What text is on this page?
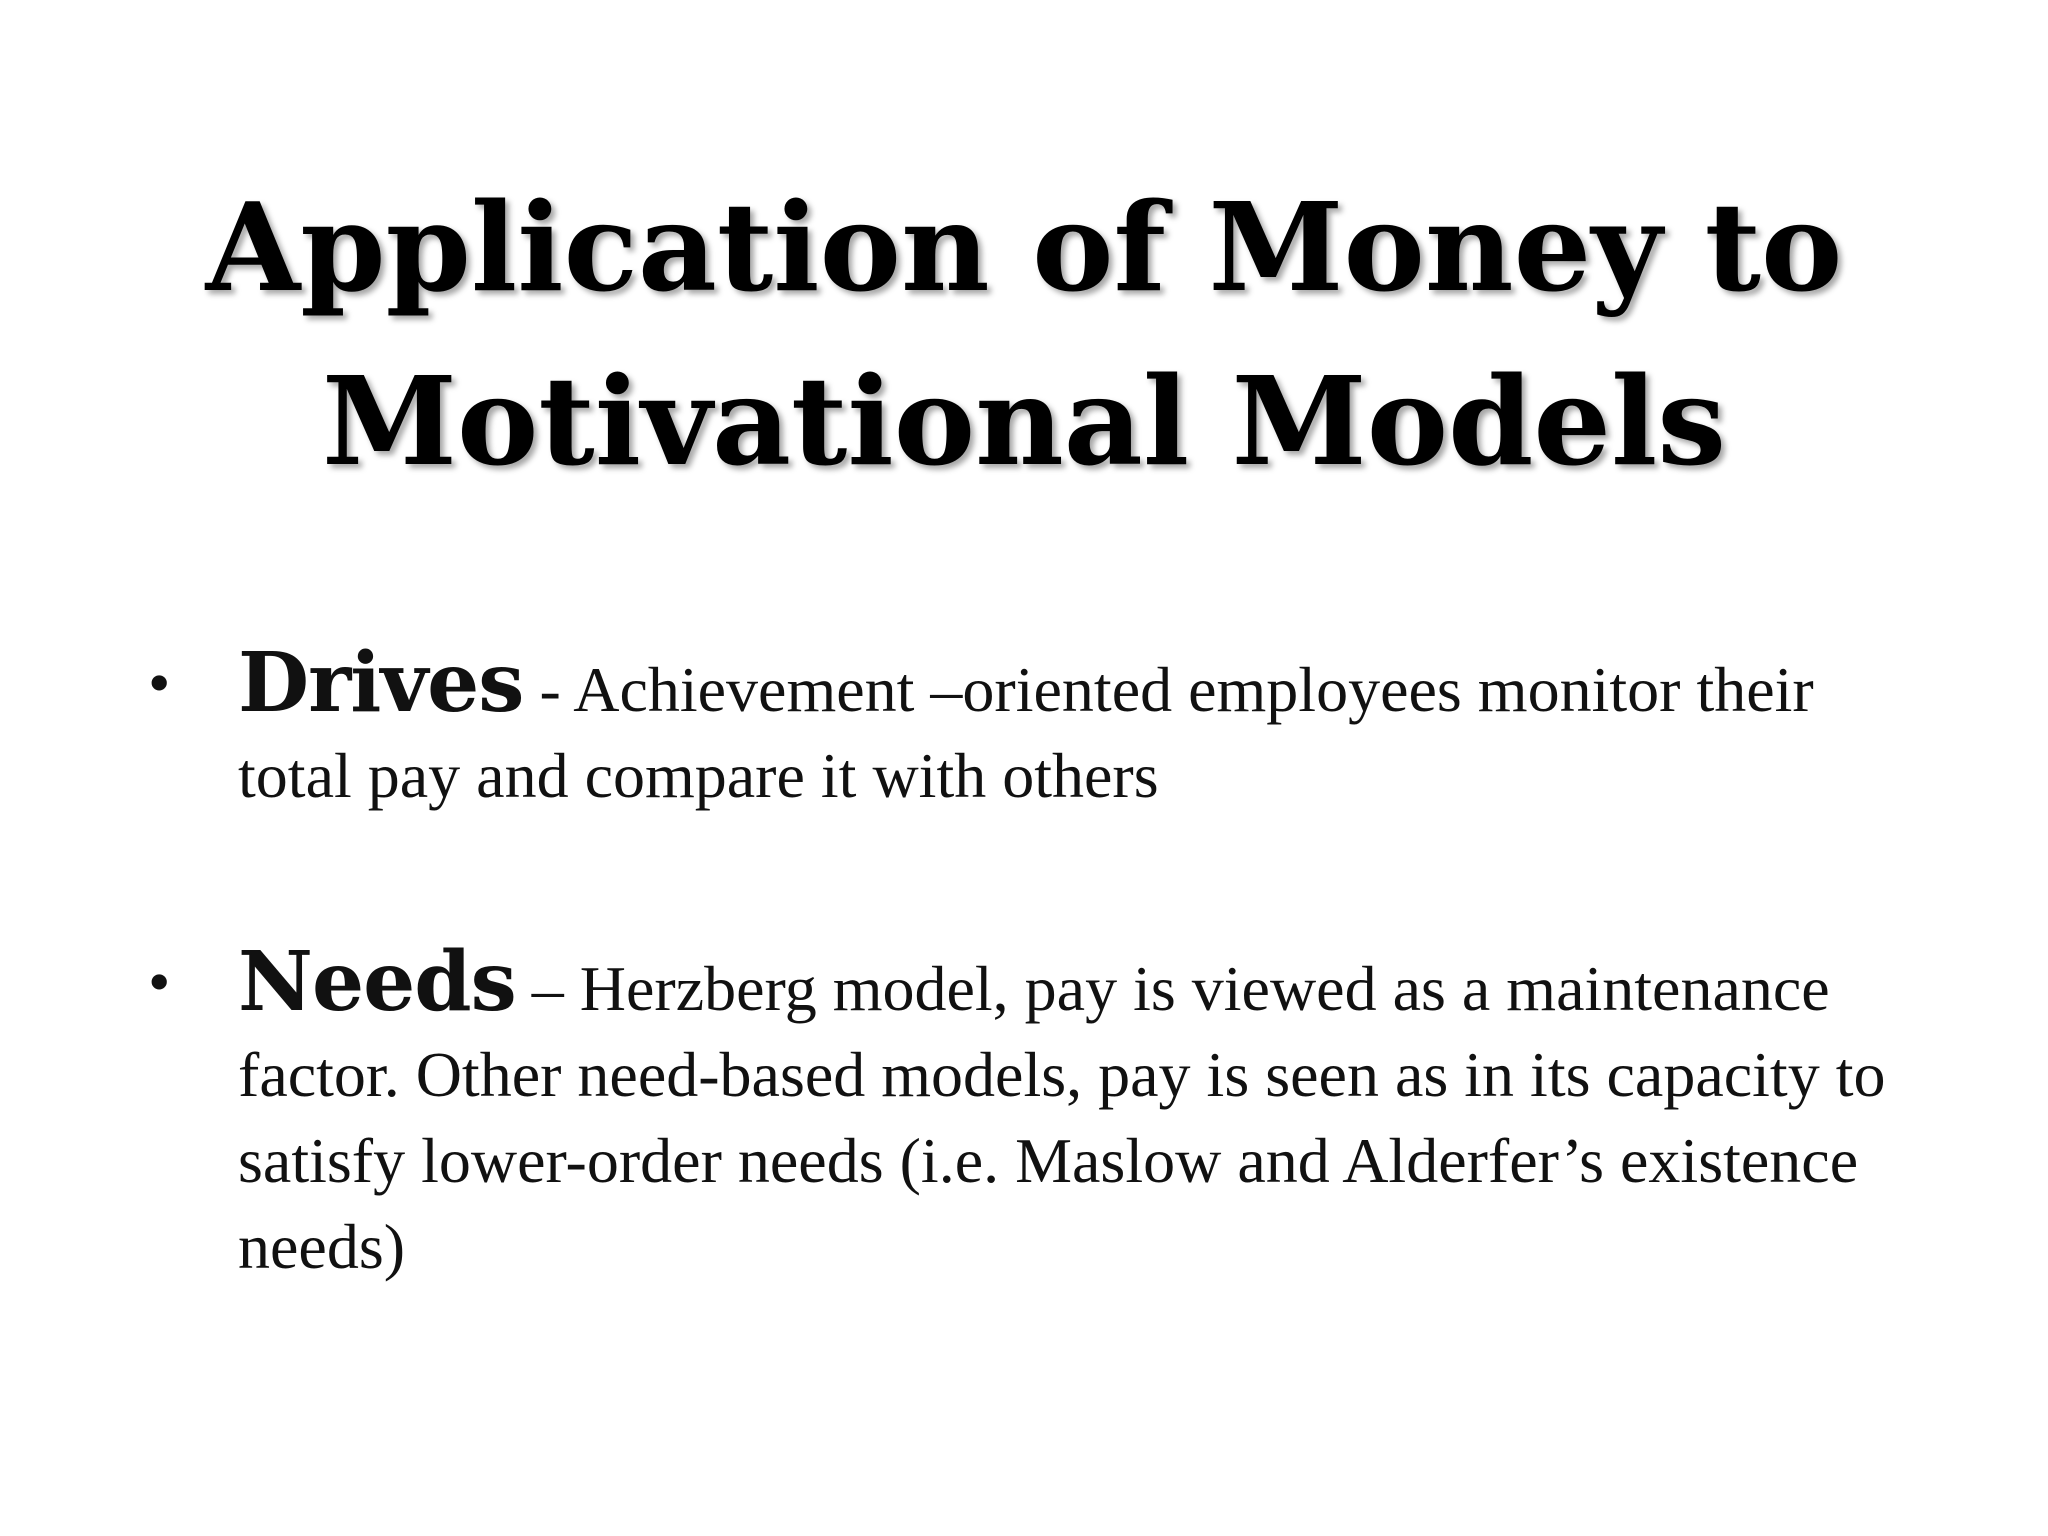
Application of Money to
Motivational Models
• Drives - Achievement –oriented employees monitor their total pay and compare it with others
• Needs – Herzberg model, pay is viewed as a maintenance factor. Other need-based models, pay is seen as in its capacity to satisfy lower-order needs (i.e. Maslow and Alderfer’s existence needs)
